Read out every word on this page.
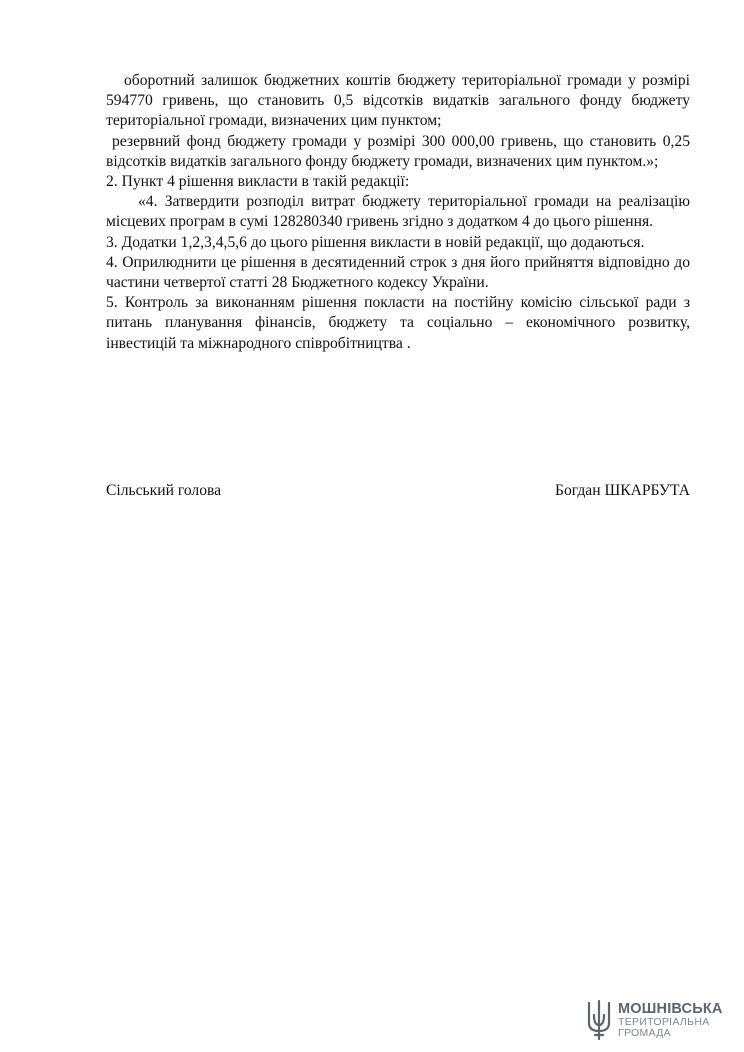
оборотний залишок бюджетних коштів бюджету територіальної громади у розмірі 594770 гривень, що становить 0,5 відсотків видатків загального фонду бюджету територіальної громади, визначених цим пунктом;

резервний фонд бюджету громади у розмірі 300 000,00 гривень, що становить 0,25 відсотків видатків загального фонду бюджету громади, визначених цим пунктом.»;

2. Пункт 4 рішення викласти в такій редакції:

«4. Затвердити розподіл витрат бюджету територіальної громади на реалізацію місцевих програм в сумі 128280340 гривень згідно з додатком 4 до цього рішення.

3. Додатки 1,2,3,4,5,6 до цього рішення викласти в новій редакції, що додаються.

4. Оприлюднити це рішення в десятиденний строк з дня його прийняття відповідно до частини четвертої статті 28 Бюджетного кодексу України.

5. Контроль за виконанням рішення покласти на постійну комісію сільської ради з питань планування фінансів, бюджету та соціально – економічного розвитку, інвестицій та міжнародного співробітництва .

Сільський голова	Богдан ШКАРБУТА
МОШНІВСЬКА
ТЕРИТОРІАЛЬНА
ГРОМАДА
